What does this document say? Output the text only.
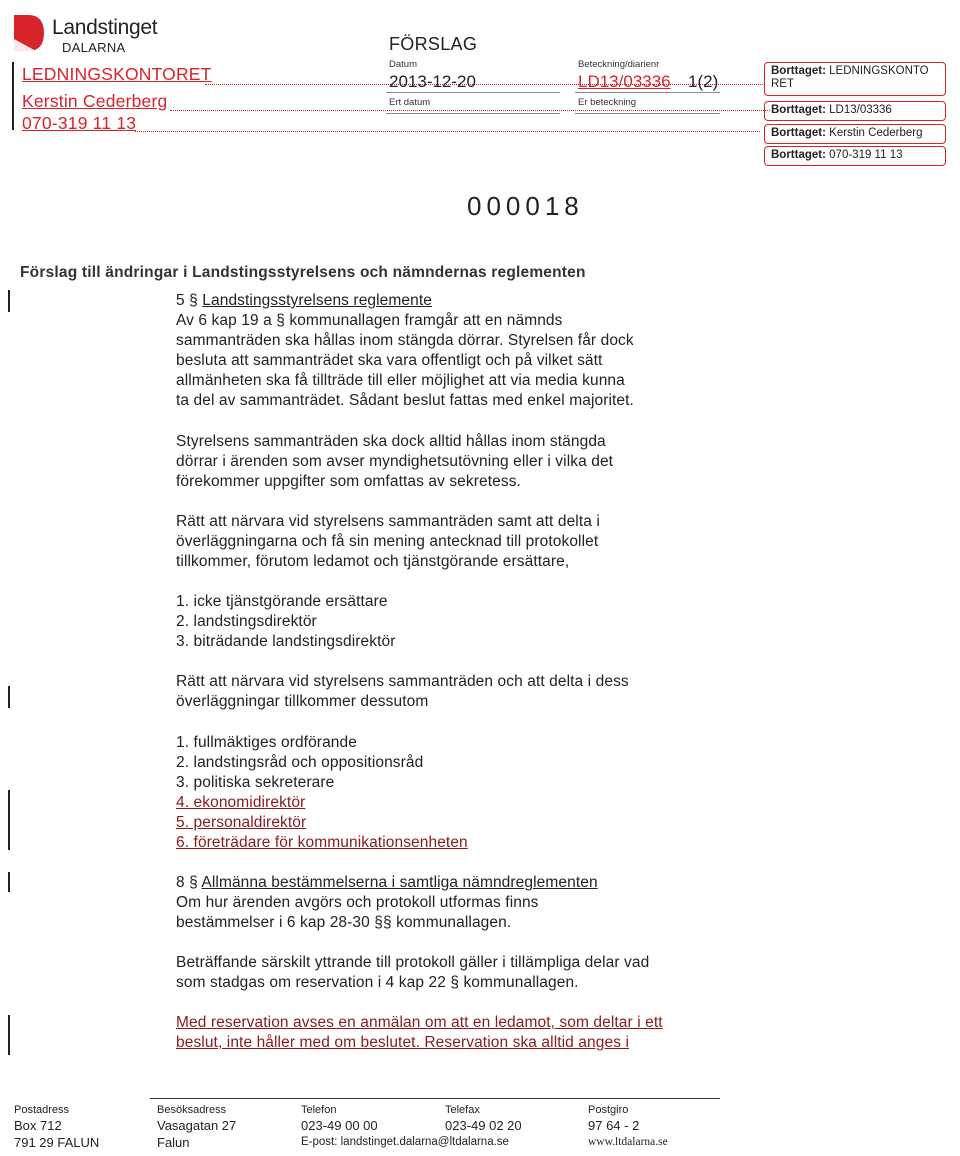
Landstinget
DALARNA
LEDNINGSKONTORET
Kerstin Cederberg
070-319 11 13
FÖRSLAG
Datum
2013-12-20
Ert datum
Beteckning/diarienr
LD13/03336 1(2)
Er beteckning
Borttaget: LEDNINGSKONTO RET
Borttaget: LD13/03336
Borttaget: Kerstin Cederberg
Borttaget: 070-319 11 13
000018
Förslag till ändringar i Landstingsstyrelsens och nämndernas reglementen
5 § Landstingsstyrelsens reglemente
Av 6 kap 19 a § kommunallagen framgår att en nämnds
sammanträden ska hållas inom stängda dörrar. Styrelsen får dock
besluta att sammanträdet ska vara offentligt och på vilket sätt
allmänheten ska få tillträde till eller möjlighet att via media kunna
ta del av sammanträdet. Sådant beslut fattas med enkel majoritet.
Styrelsens sammanträden ska dock alltid hållas inom stängda
dörrar i ärenden som avser myndighetsutövning eller i vilka det
förekommer uppgifter som omfattas av sekretess.
Rätt att närvara vid styrelsens sammanträden samt att delta i
överläggningarna och få sin mening antecknad till protokollet
tillkommer, förutom ledamot och tjänstgörande ersättare,
1. icke tjänstgörande ersättare
2. landstingsdirektör
3. biträdande landstingsdirektör
Rätt att närvara vid styrelsens sammanträden och att delta i dess
överläggningar tillkommer dessutom
1. fullmäktiges ordförande
2. landstingsråd och oppositionsråd
3. politiska sekreterare
4. ekonomidirektör
5. personaldirektör
6. företrädare för kommunikationsenheten
8 § Allmänna bestämmelserna i samtliga nämndreglementen
Om hur ärenden avgörs och protokoll utformas finns
bestämmelser i 6 kap 28-30 §§ kommunallagen.
Beträffande särskilt yttrande till protokoll gäller i tillämpliga delar vad
som stadgas om reservation i 4 kap 22 § kommunallagen.
Med reservation avses en anmälan om att en ledamot, som deltar i ett
beslut, inte håller med om beslutet. Reservation ska alltid anges i
Postadress
Box 712
791 29 FALUN
Besöksadress
Vasagatan 27
Falun
Telefon
023-49 00 00
E-post: landstinget.dalarna@ltdalarna.se
Telefax
023-49 02 20
Postgiro
97 64 - 2
www.ltdalarna.se
